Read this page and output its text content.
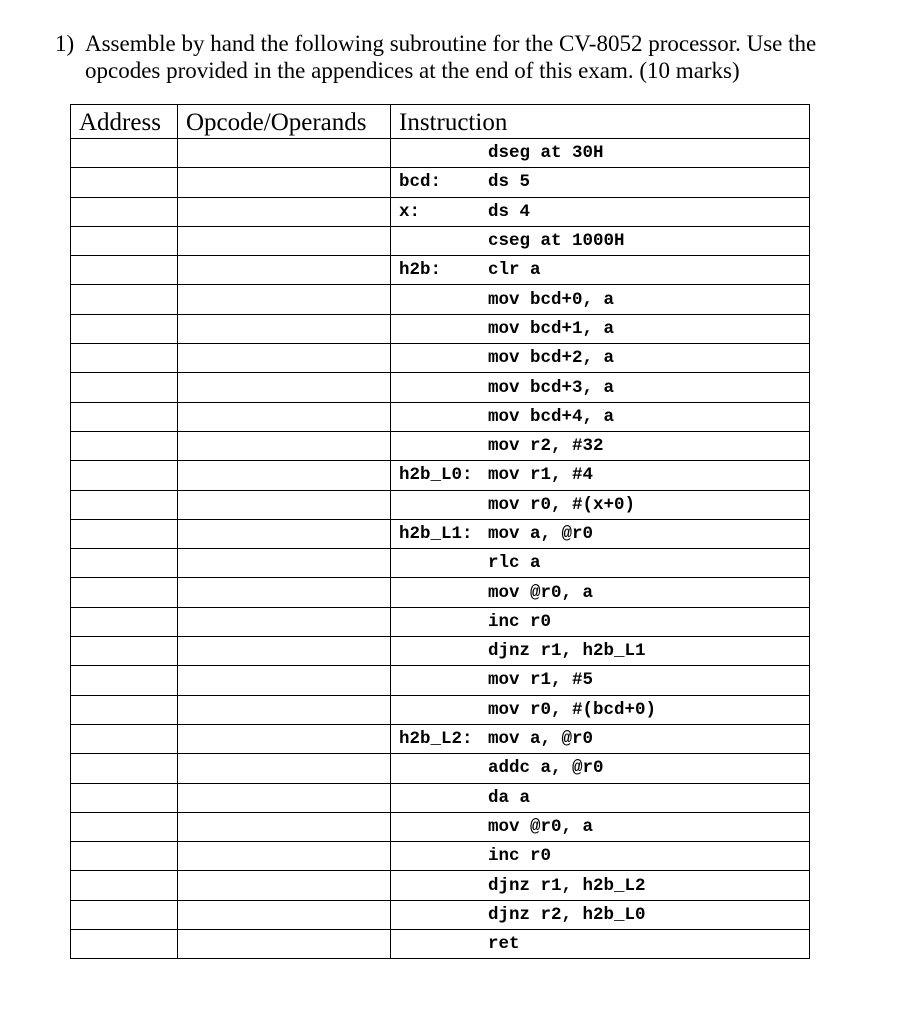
1) Assemble by hand the following subroutine for the CV-8052 processor. Use the opcodes provided in the appendices at the end of this exam. (10 marks)
Address	Opcode/Operands	Instruction

		dseg at 30H

		bcd: ds 5

		x: ds 4

		cseg at 1000H

		h2b: clr a

		mov bcd+0, a

		mov bcd+1, a

		mov bcd+2, a

		mov bcd+3, a

		mov bcd+4, a

		mov r2, #32

		h2b_L0: mov r1, #4

		mov r0, #(x+0)

		h2b_L1: mov a, @r0

		rlc a

		mov @r0, a

		inc r0

		djnz r1, h2b_L1

		mov r1, #5

		mov r0, #(bcd+0)

		h2b_L2: mov a, @r0

		addc a, @r0

		da a

		mov @r0, a

		inc r0

		djnz r1, h2b_L2

		djnz r2, h2b_L0

		ret
